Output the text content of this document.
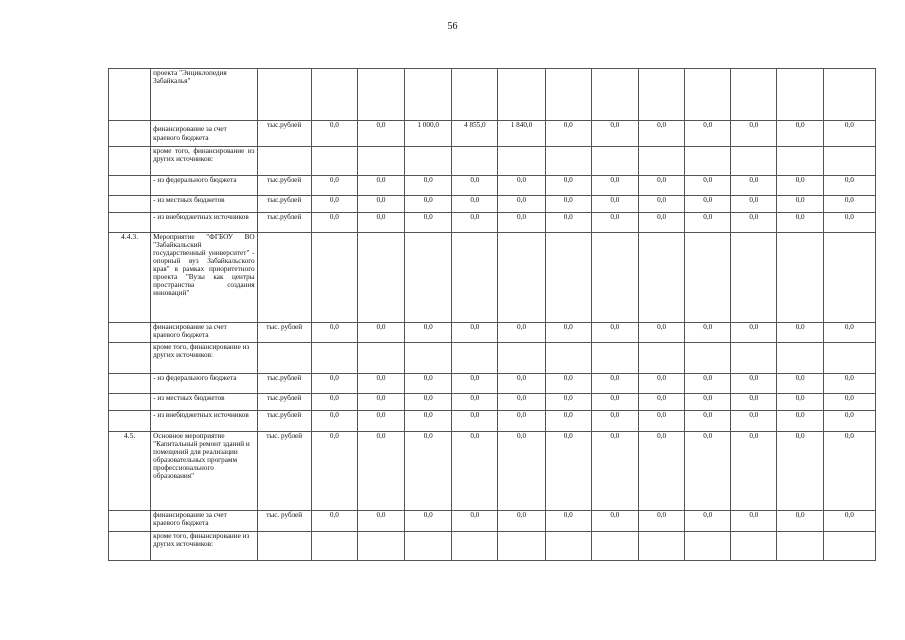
56
	проекта "Энциклопедия Забайкалья"													
	финансирование за счет краевого бюджета	тыс.рублей	0,0	0,0	1 000,0	4 855,0	1 840,0	0,0	0,0	0,0	0,0	0,0	0,0	0,0
	кроме того, финансирование из других источников:													
	- из федерального бюджета	тыс.рублей	0,0	0,0	0,0	0,0	0,0	0,0	0,0	0,0	0,0	0,0	0,0	0,0
	- из местных бюджетов	тыс.рублей	0,0	0,0	0,0	0,0	0,0	0,0	0,0	0,0	0,0	0,0	0,0	0,0
	- из внебюджетных источников	тыс.рублей	0,0	0,0	0,0	0,0	0,0	0,0	0,0	0,0	0,0	0,0	0,0	0,0
4.4.3.	Мероприятие "ФГБОУ ВО "Забайкальский государственный университет" - опорный вуз Забайкальского края" в рамках приоритетного проекта "Вузы как центры пространства создания инноваций"													
	финансирование за счет краевого бюджета	тыс. рублей	0,0	0,0	0,0	0,0	0,0	0,0	0,0	0,0	0,0	0,0	0,0	0,0
	кроме того, финансирование из других источников:													
	- из федерального бюджета	тыс.рублей	0,0	0,0	0,0	0,0	0,0	0,0	0,0	0,0	0,0	0,0	0,0	0,0
	- из местных бюджетов	тыс.рублей	0,0	0,0	0,0	0,0	0,0	0,0	0,0	0,0	0,0	0,0	0,0	0,0
	- из внебюджетных источников	тыс.рублей	0,0	0,0	0,0	0,0	0,0	0,0	0,0	0,0	0,0	0,0	0,0	0,0
4.5.	Основное мероприятие "Капитальный ремонт зданий и помещений для реализации образовательных программ профессионального образования"	тыс. рублей	0,0	0,0	0,0	0,0	0,0	0,0	0,0	0,0	0,0	0,0	0,0	0,0
	финансирование за счет краевого бюджета	тыс. рублей	0,0	0,0	0,0	0,0	0,0	0,0	0,0	0,0	0,0	0,0	0,0	0,0
	кроме того, финансирование из других источников:													
